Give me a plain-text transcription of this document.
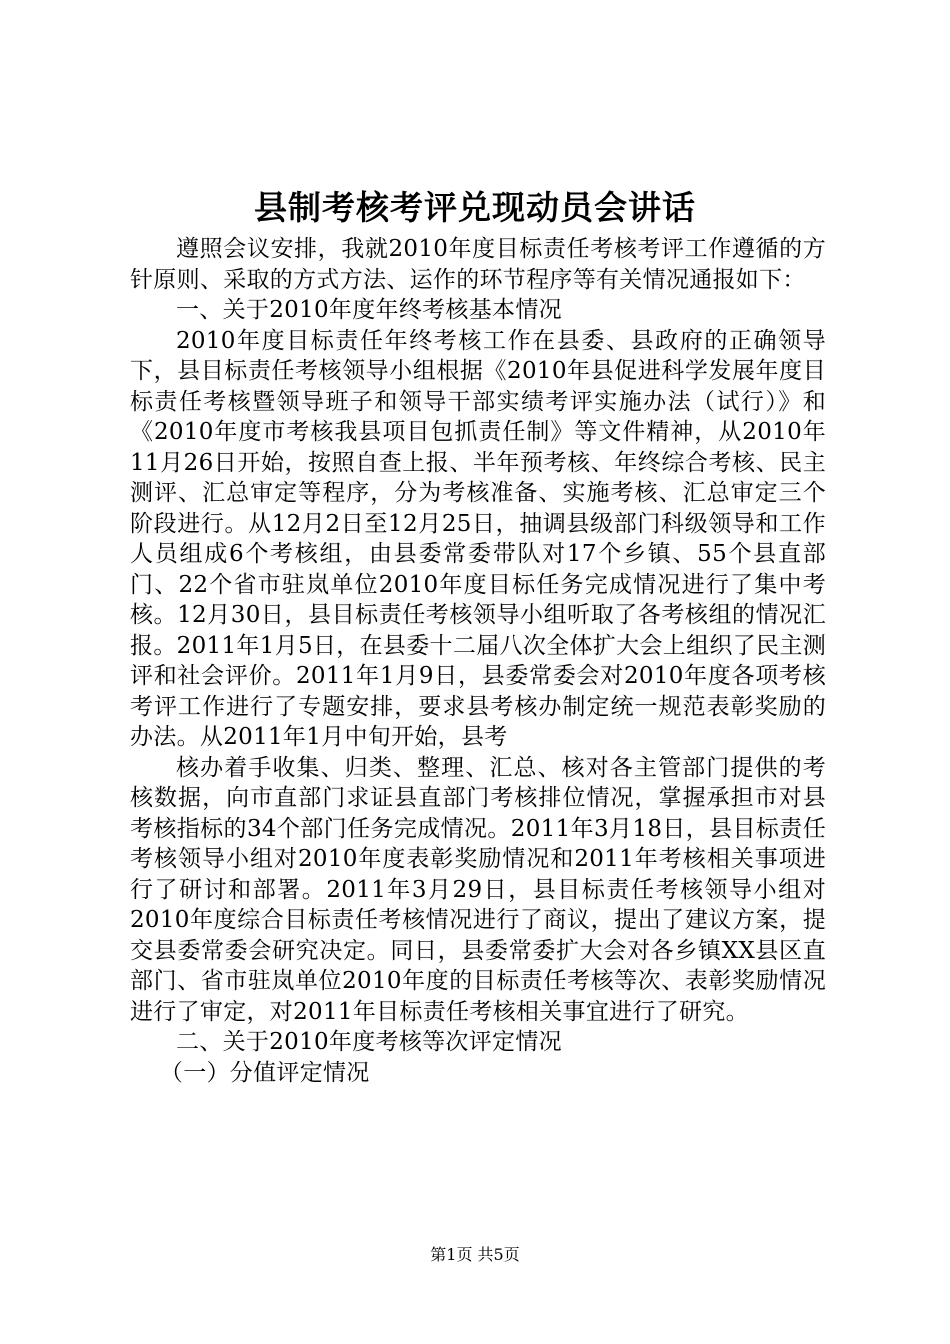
县制考核考评兑现动员会讲话

遵照会议安排，我就2010年度目标责任考核考评工作遵循的方针原则、采取的方式方法、运作的环节程序等有关情况通报如下：

一、关于2010年度年终考核基本情况

2010年度目标责任年终考核工作在县委、县政府的正确领导下，县目标责任考核领导小组根据《2010年县促进科学发展年度目标责任考核暨领导班子和领导干部实绩考评实施办法（试行）》和《2010年度市考核我县项目包抓责任制》等文件精神，从2010年11月26日开始，按照自查上报、半年预考核、年终综合考核、民主测评、汇总审定等程序，分为考核准备、实施考核、汇总审定三个阶段进行。从12月2日至12月25日，抽调县级部门科级领导和工作人员组成6个考核组，由县委常委带队对17个乡镇、55个县直部门、22个省市驻岚单位2010年度目标任务完成情况进行了集中考核。12月30日，县目标责任考核领导小组听取了各考核组的情况汇报。2011年1月5日，在县委十二届八次全体扩大会上组织了民主测评和社会评价。2011年1月9日，县委常委会对2010年度各项考核考评工作进行了专题安排，要求县考核办制定统一规范表彰奖励的办法。从2011年1月中旬开始，县考

核办着手收集、归类、整理、汇总、核对各主管部门提供的考核数据，向市直部门求证县直部门考核排位情况，掌握承担市对县考核指标的34个部门任务完成情况。2011年3月18日，县目标责任考核领导小组对2010年度表彰奖励情况和2011年考核相关事项进行了研讨和部署。2011年3月29日，县目标责任考核领导小组对2010年度综合目标责任考核情况进行了商议，提出了建议方案，提交县委常委会研究决定。同日，县委常委扩大会对各乡镇XX县区直部门、省市驻岚单位2010年度的目标责任考核等次、表彰奖励情况进行了审定，对2011年目标责任考核相关事宜进行了研究。

二、关于2010年度考核等次评定情况

（一）分值评定情况

第1页 共5页
